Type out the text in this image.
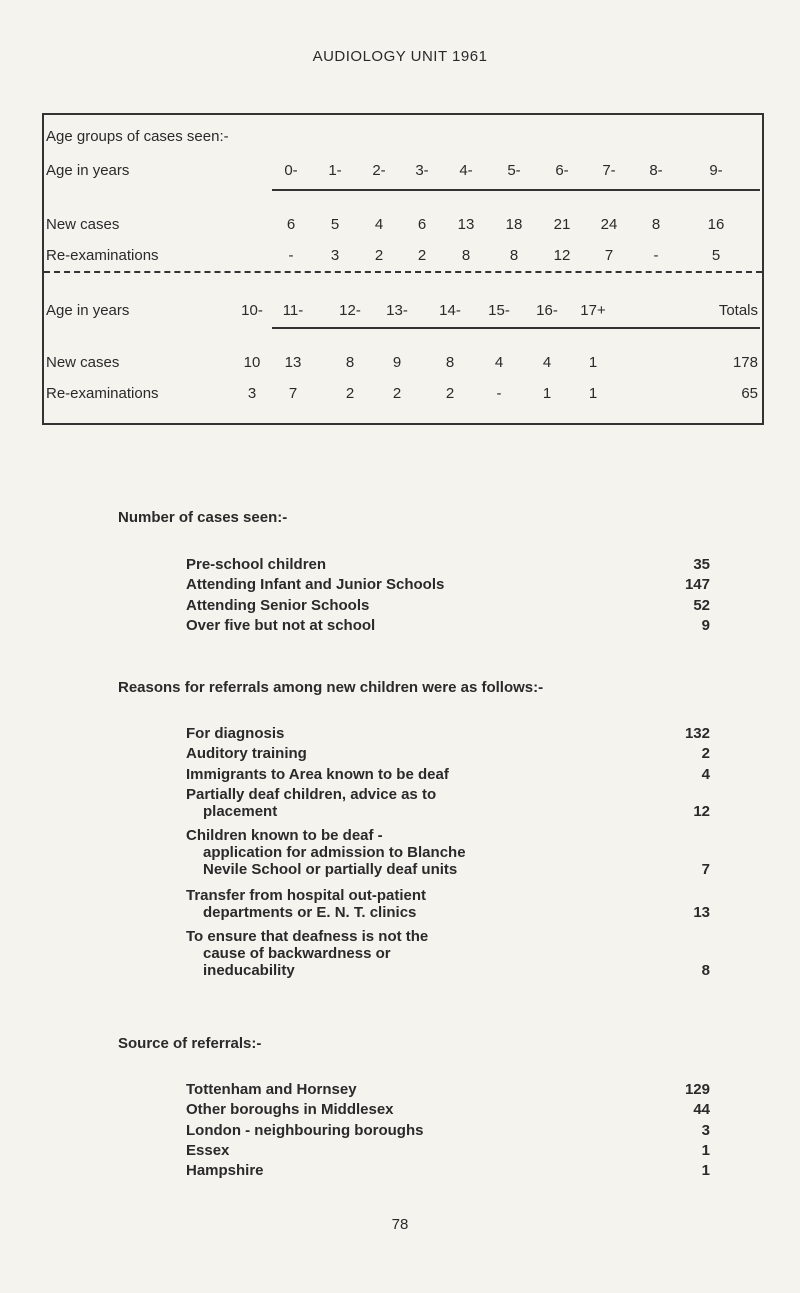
AUDIOLOGY UNIT 1961
Age groups of cases seen:-
Age in years	0-	1-	2-	3-	4-	5-	6-	7-	8-	9-
New cases	6	5	4	6	13	18	21	24	8	16
Re-examinations	-	3	2	2	8	8	12	7	-	5
Age in years	10-	11-	12-	13-	14-	15-	16-	17+	Totals
New cases	10	13	8	9	8	4	4	1	178
Re-examinations	3	7	2	2	2	-	1	1	65
Number of cases seen:-
Pre-school children	35
Attending Infant and Junior Schools	147
Attending Senior Schools	52
Over five but not at school	9
Reasons for referrals among new children were as follows:-
For diagnosis	132
Auditory training	2
Immigrants to Area known to be deaf	4
Partially deaf children, advice as to
placement	12
Children known to be deaf -
application for admission to Blanche
Nevile School or partially deaf units	7
Transfer from hospital out-patient
departments or E. N. T. clinics	13
To ensure that deafness is not the
cause of backwardness or
ineducability	8
Source of referrals:-
Tottenham and Hornsey	129
Other boroughs in Middlesex	44
London - neighbouring boroughs	3
Essex	1
Hampshire	1
78
